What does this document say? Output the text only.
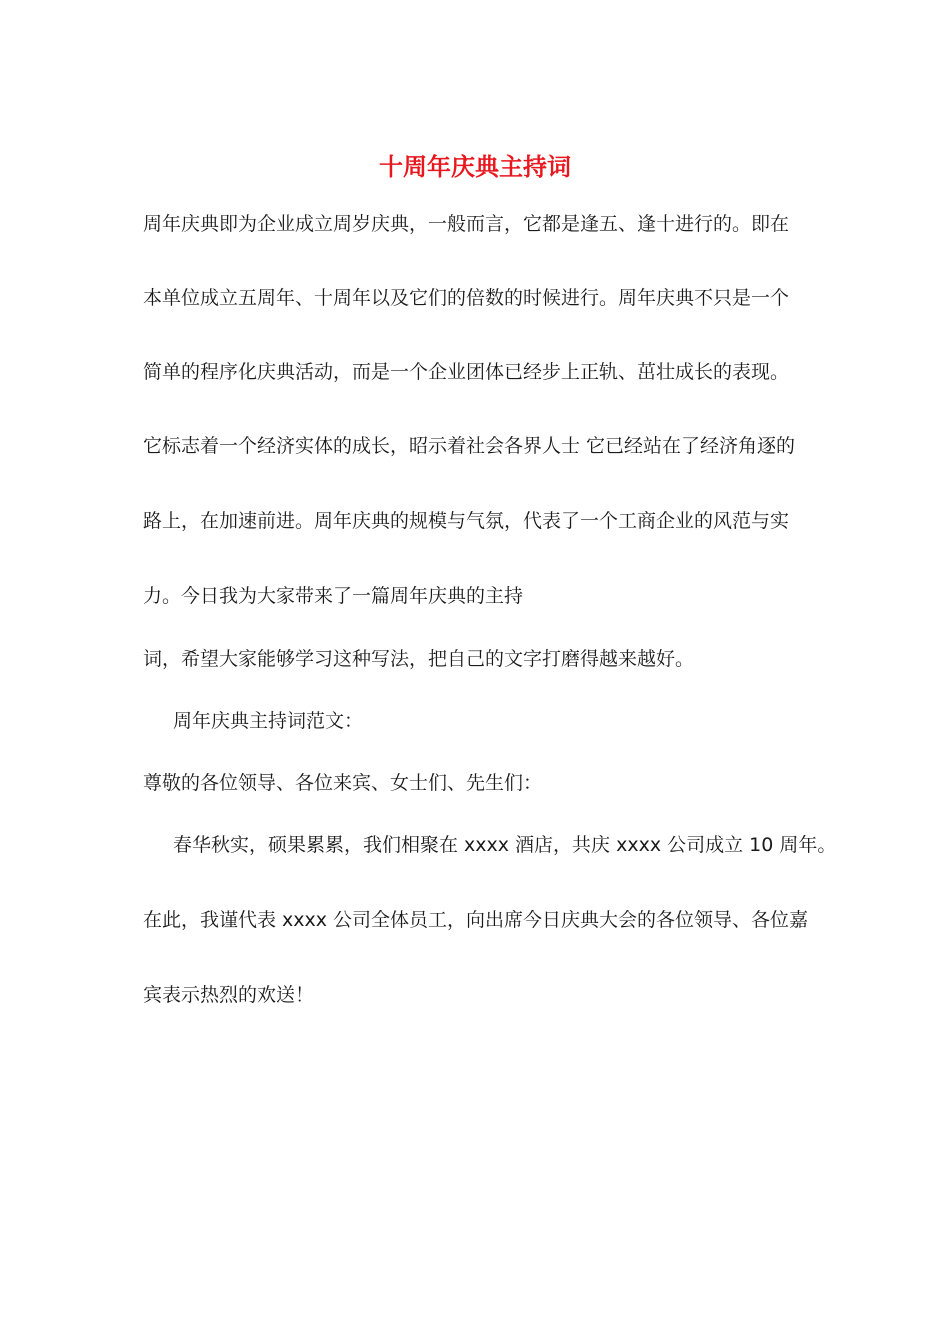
十周年庆典主持词
周年庆典即为企业成立周岁庆典，一般而言，它都是逢五、逢十进行的。即在
本单位成立五周年、十周年以及它们的倍数的时候进行。周年庆典不只是一个
简单的程序化庆典活动，而是一个企业团体已经步上正轨、茁壮成长的表现。
它标志着一个经济实体的成长，昭示着社会各界人士 它已经站在了经济角逐的
路上，在加速前进。周年庆典的规模与气氛，代表了一个工商企业的风范与实
力。今日我为大家带来了一篇周年庆典的主持
词，希望大家能够学习这种写法，把自己的文字打磨得越来越好。
周年庆典主持词范文：
尊敬的各位领导、各位来宾、女士们、先生们：
春华秋实，硕果累累，我们相聚在 xxxx 酒店，共庆 xxxx 公司成立 10 周年。
在此，我谨代表 xxxx 公司全体员工，向出席今日庆典大会的各位领导、各位嘉
宾表示热烈的欢送！
